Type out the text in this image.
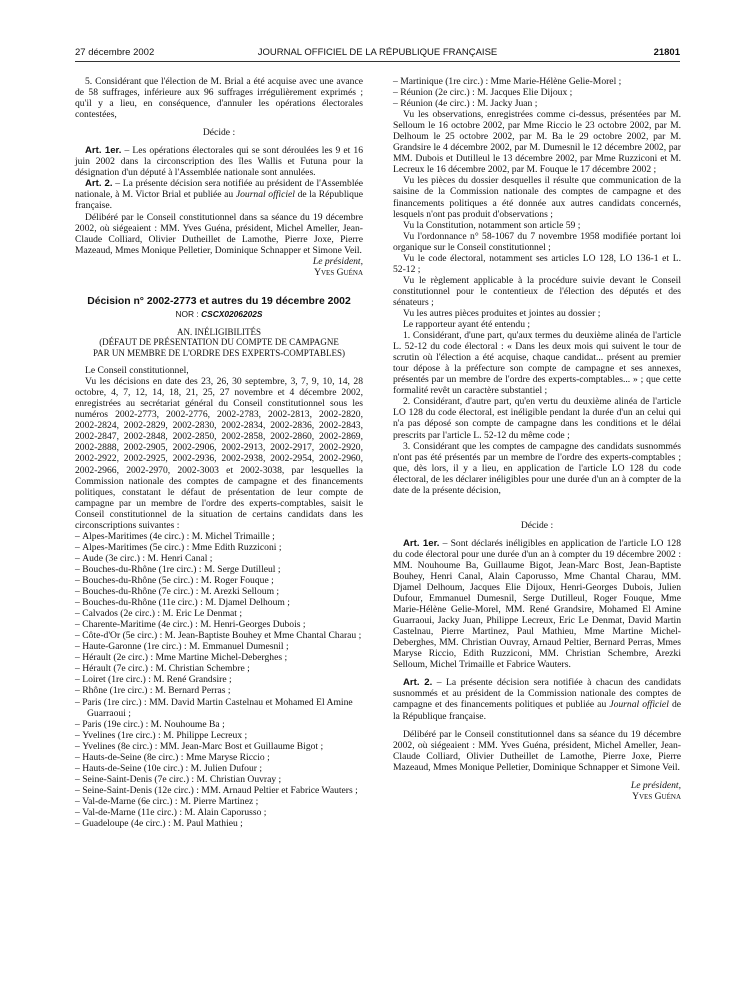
27 décembre 2002	JOURNAL OFFICIEL DE LA RÉPUBLIQUE FRANÇAISE	21801

5. Considérant que l'élection de M. Brial a été acquise avec une avance de 58 suffrages, inférieure aux 96 suffrages irrégulièrement exprimés ; qu'il y a lieu, en conséquence, d'annuler les opérations électorales contestées,

Décide :

Art. 1er. – Les opérations électorales qui se sont déroulées les 9 et 16 juin 2002 dans la circonscription des îles Wallis et Futuna pour la désignation d'un député à l'Assemblée nationale sont annulées.

Art. 2. – La présente décision sera notifiée au président de l'Assemblée nationale, à M. Victor Brial et publiée au Journal officiel de la République française.

Délibéré par le Conseil constitutionnel dans sa séance du 19 décembre 2002, où siégeaient : MM. Yves Guéna, président, Michel Ameller, Jean-Claude Colliard, Olivier Dutheillet de Lamothe, Pierre Joxe, Pierre Mazeaud, Mmes Monique Pelletier, Dominique Schnapper et Simone Veil.

Le président,

Yves Guéna

Décision n° 2002-2773 et autres du 19 décembre 2002

NOR : CSCX0206202S

AN. INÉLIGIBILITÉS

(DÉFAUT DE PRÉSENTATION DU COMPTE DE CAMPAGNE

PAR UN MEMBRE DE L'ORDRE DES EXPERTS-COMPTABLES)

Le Conseil constitutionnel,

Vu les décisions en date des 23, 26, 30 septembre, 3, 7, 9, 10, 14, 28 octobre, 4, 7, 12, 14, 18, 21, 25, 27 novembre et 4 décembre 2002, enregistrées au secrétariat général du Conseil constitutionnel sous les numéros 2002-2773, 2002-2776, 2002-2783, 2002-2813, 2002-2820, 2002-2824, 2002-2829, 2002-2830, 2002-2834, 2002-2836, 2002-2843, 2002-2847, 2002-2848, 2002-2850, 2002-2858, 2002-2860, 2002-2869, 2002-2888, 2002-2905, 2002-2906, 2002-2913, 2002-2917, 2002-2920, 2002-2922, 2002-2925, 2002-2936, 2002-2938, 2002-2954, 2002-2960, 2002-2966, 2002-2970, 2002-3003 et 2002-3038, par lesquelles la Commission nationale des comptes de campagne et des financements politiques, constatant le défaut de présentation de leur compte de campagne par un membre de l'ordre des experts-comptables, saisit le Conseil constitutionnel de la situation de certains candidats dans les circonscriptions suivantes :

– Alpes-Maritimes (4e circ.) : M. Michel Trimaille ;
– Alpes-Maritimes (5e circ.) : Mme Edith Ruzziconi ;
– Aude (3e circ.) : M. Henri Canal ;
– Bouches-du-Rhône (1re circ.) : M. Serge Dutilleul ;
– Bouches-du-Rhône (5e circ.) : M. Roger Fouque ;
– Bouches-du-Rhône (7e circ.) : M. Arezki Selloum ;
– Bouches-du-Rhône (11e circ.) : M. Djamel Delhoum ;
– Calvados (2e circ.) : M. Eric Le Denmat ;
– Charente-Maritime (4e circ.) : M. Henri-Georges Dubois ;
– Côte-d'Or (5e circ.) : M. Jean-Baptiste Bouhey et Mme Chantal Charau ;
– Haute-Garonne (1re circ.) : M. Emmanuel Dumesnil ;
– Hérault (2e circ.) : Mme Martine Michel-Deberghes ;
– Hérault (7e circ.) : M. Christian Schembre ;
– Loiret (1re circ.) : M. René Grandsire ;
– Rhône (1re circ.) : M. Bernard Perras ;
– Paris (1re circ.) : MM. David Martin Castelnau et Mohamed El Amine Guarraoui ;
– Paris (19e circ.) : M. Nouhoume Ba ;
– Yvelines (1re circ.) : M. Philippe Lecreux ;
– Yvelines (8e circ.) : MM. Jean-Marc Bost et Guillaume Bigot ;
– Hauts-de-Seine (8e circ.) : Mme Maryse Riccio ;
– Hauts-de-Seine (10e circ.) : M. Julien Dufour ;
– Seine-Saint-Denis (7e circ.) : M. Christian Ouvray ;
– Seine-Saint-Denis (12e circ.) : MM. Arnaud Peltier et Fabrice Wauters ;
– Val-de-Marne (6e circ.) : M. Pierre Martinez ;
– Val-de-Marne (11e circ.) : M. Alain Caporusso ;
– Guadeloupe (4e circ.) : M. Paul Mathieu ;
– Martinique (1re circ.) : Mme Marie-Hélène Gelie-Morel ;
– Réunion (2e circ.) : M. Jacques Elie Dijoux ;
– Réunion (4e circ.) : M. Jacky Juan ;

Vu les observations, enregistrées comme ci-dessus, présentées par M. Selloum le 16 octobre 2002, par Mme Riccio le 23 octobre 2002, par M. Delhoum le 25 octobre 2002, par M. Ba le 29 octobre 2002, par M. Grandsire le 4 décembre 2002, par M. Dumesnil le 12 décembre 2002, par MM. Dubois et Dutilleul le 13 décembre 2002, par Mme Ruzziconi et M. Lecreux le 16 décembre 2002, par M. Fouque le 17 décembre 2002 ;

Vu les pièces du dossier desquelles il résulte que communication de la saisine de la Commission nationale des comptes de campagne et des financements politiques a été donnée aux autres candidats concernés, lesquels n'ont pas produit d'observations ;

Vu la Constitution, notamment son article 59 ;

Vu l'ordonnance n° 58-1067 du 7 novembre 1958 modifiée portant loi organique sur le Conseil constitutionnel ;

Vu le code électoral, notamment ses articles LO 128, LO 136-1 et L. 52-12 ;

Vu le règlement applicable à la procédure suivie devant le Conseil constitutionnel pour le contentieux de l'élection des députés et des sénateurs ;

Vu les autres pièces produites et jointes au dossier ;

Le rapporteur ayant été entendu ;

1. Considérant, d'une part, qu'aux termes du deuxième alinéa de l'article L. 52-12 du code électoral : « Dans les deux mois qui suivent le tour de scrutin où l'élection a été acquise, chaque candidat... présent au premier tour dépose à la préfecture son compte de campagne et ses annexes, présentés par un membre de l'ordre des experts-comptables... » ; que cette formalité revêt un caractère substantiel ;

2. Considérant, d'autre part, qu'en vertu du deuxième alinéa de l'article LO 128 du code électoral, est inéligible pendant la durée d'un an celui qui n'a pas déposé son compte de campagne dans les conditions et le délai prescrits par l'article L. 52-12 du même code ;

3. Considérant que les comptes de campagne des candidats susnommés n'ont pas été présentés par un membre de l'ordre des experts-comptables ; que, dès lors, il y a lieu, en application de l'article LO 128 du code électoral, de les déclarer inéligibles pour une durée d'un an à compter de la date de la présente décision,

Décide :

Art. 1er. – Sont déclarés inéligibles en application de l'article LO 128 du code électoral pour une durée d'un an à compter du 19 décembre 2002 : MM. Nouhoume Ba, Guillaume Bigot, Jean-Marc Bost, Jean-Baptiste Bouhey, Henri Canal, Alain Caporusso, Mme Chantal Charau, MM. Djamel Delhoum, Jacques Elie Dijoux, Henri-Georges Dubois, Julien Dufour, Emmanuel Dumesnil, Serge Dutilleul, Roger Fouque, Mme Marie-Hélène Gelie-Morel, MM. René Grandsire, Mohamed El Amine Guarraoui, Jacky Juan, Philippe Lecreux, Eric Le Denmat, David Martin Castelnau, Pierre Martinez, Paul Mathieu, Mme Martine Michel-Deberghes, MM. Christian Ouvray, Arnaud Peltier, Bernard Perras, Mmes Maryse Riccio, Edith Ruzziconi, MM. Christian Schembre, Arezki Selloum, Michel Trimaille et Fabrice Wauters.

Art. 2. – La présente décision sera notifiée à chacun des candidats susnommés et au président de la Commission nationale des comptes de campagne et des financements politiques et publiée au Journal officiel de la République française.

Délibéré par le Conseil constitutionnel dans sa séance du 19 décembre 2002, où siégeaient : MM. Yves Guéna, président, Michel Ameller, Jean-Claude Colliard, Olivier Dutheillet de Lamothe, Pierre Joxe, Pierre Mazeaud, Mmes Monique Pelletier, Dominique Schnapper et Simone Veil.

Le président,

Yves Guéna
